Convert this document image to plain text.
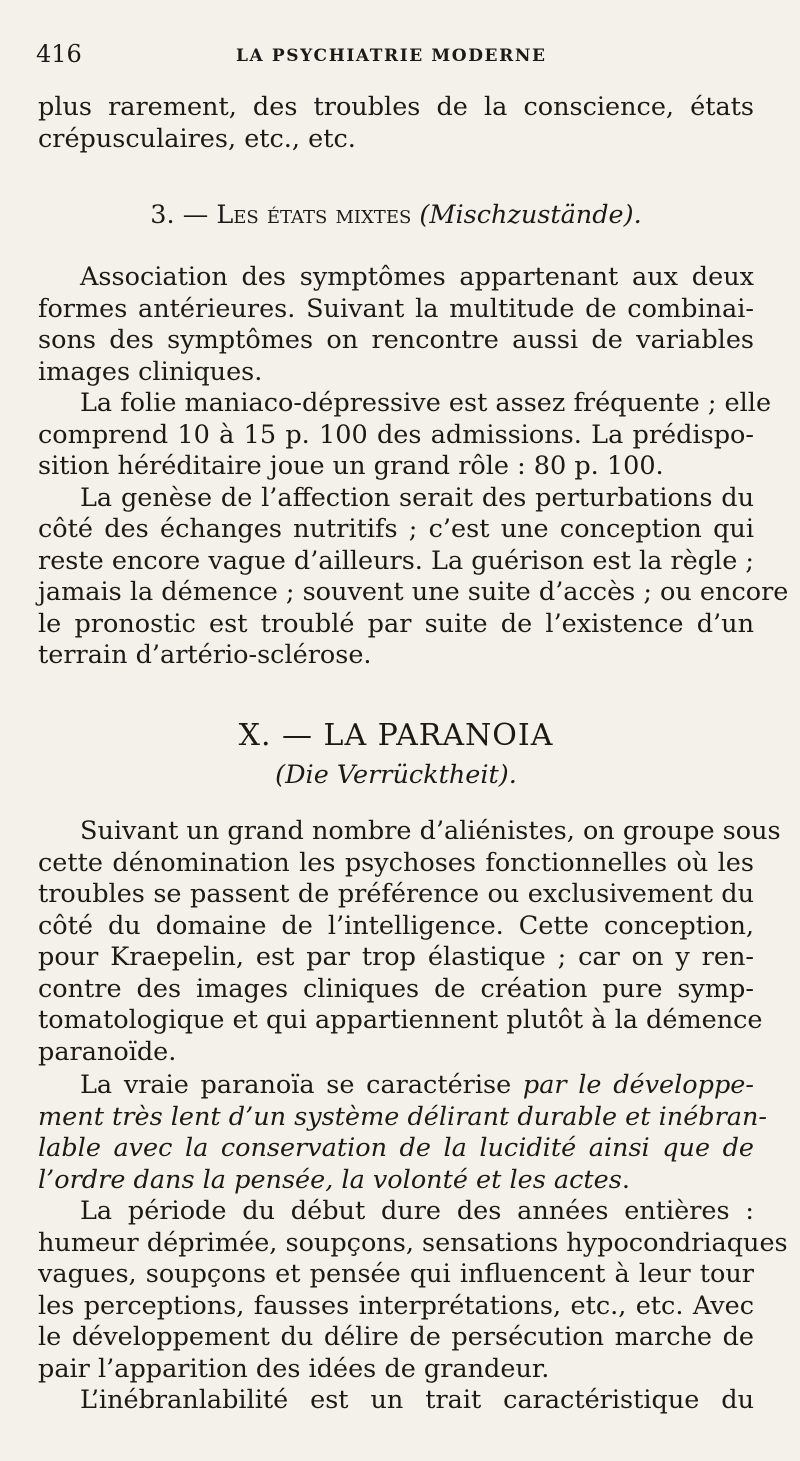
416	LA PSYCHIATRIE MODERNE
plus rarement, des troubles de la conscience, états
crépusculaires, etc., etc.
3. — Les états mixtes (Mischzustände).
Association des symptômes appartenant aux deux
formes antérieures. Suivant la multitude de combinai-
sons des symptômes on rencontre aussi de variables
images cliniques.
La folie maniaco-dépressive est assez fréquente ; elle
comprend 10 à 15 p. 100 des admissions. La prédispo-
sition héréditaire joue un grand rôle : 80 p. 100.
La genèse de l’affection serait des perturbations du
côté des échanges nutritifs ; c’est une conception qui
reste encore vague d’ailleurs. La guérison est la règle ;
jamais la démence ; souvent une suite d’accès ; ou encore
le pronostic est troublé par suite de l’existence d’un
terrain d’artério-sclérose.
X. — LA PARANOIA
(Die Verrücktheit).
Suivant un grand nombre d’aliénistes, on groupe sous
cette dénomination les psychoses fonctionnelles où les
troubles se passent de préférence ou exclusivement du
côté du domaine de l’intelligence. Cette conception,
pour Kraepelin, est par trop élastique ; car on y ren-
contre des images cliniques de création pure symp-
tomatologique et qui appartiennent plutôt à la démence
paranoïde.
La vraie paranoïa se caractérise par le développe-
ment très lent d’un système délirant durable et inébran-
lable avec la conservation de la lucidité ainsi que de
l’ordre dans la pensée, la volonté et les actes.
La période du début dure des années entières :
humeur déprimée, soupçons, sensations hypocondriaques
vagues, soupçons et pensée qui influencent à leur tour
les perceptions, fausses interprétations, etc., etc. Avec
le développement du délire de persécution marche de
pair l’apparition des idées de grandeur.
L’inébranlabilité est un trait caractéristique du
